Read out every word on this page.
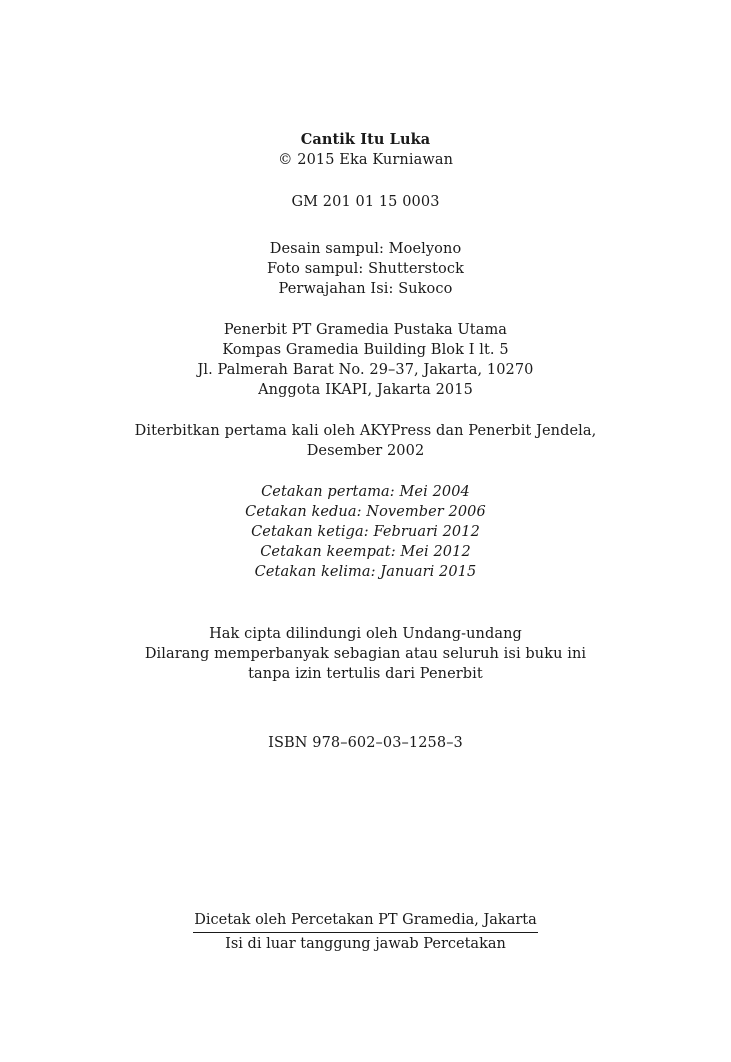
Cantik Itu Luka
© 2015 Eka Kurniawan
GM 201 01 15 0003
Desain sampul: Moelyono
Foto sampul: Shutterstock
Perwajahan Isi: Sukoco
Penerbit PT Gramedia Pustaka Utama
Kompas Gramedia Building Blok I lt. 5
Jl. Palmerah Barat No. 29–37, Jakarta, 10270
Anggota IKAPI, Jakarta 2015
Diterbitkan pertama kali oleh AKYPress dan Penerbit Jendela,
Desember 2002
Cetakan pertama: Mei 2004
Cetakan kedua: November 2006
Cetakan ketiga: Februari 2012
Cetakan keempat: Mei 2012
Cetakan kelima: Januari 2015
Hak cipta dilindungi oleh Undang-undang
Dilarang memperbanyak sebagian atau seluruh isi buku ini
tanpa izin tertulis dari Penerbit
ISBN 978–602–03–1258–3
Dicetak oleh Percetakan PT Gramedia, Jakarta
Isi di luar tanggung jawab Percetakan
